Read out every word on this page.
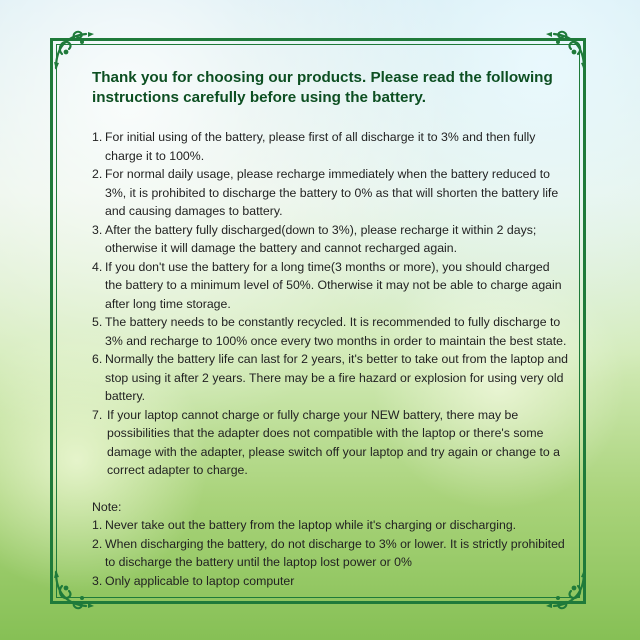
Thank you for choosing our products. Please read the following instructions carefully before using the battery.
1. For initial using of the battery, please first of all discharge it to 3% and then fully charge it to 100%.
2. For normal daily usage, please recharge immediately when the battery reduced to 3%, it is prohibited to discharge the battery to 0% as that will shorten the battery life and causing damages to battery.
3. After the battery fully discharged(down to 3%), please recharge it within 2 days; otherwise it will damage the battery and cannot recharged again.
4. If you don't use the battery for a long time(3 months or more), you should charged the battery to a minimum level of 50%. Otherwise it may not be able to charge again after long time storage.
5. The battery needs to be constantly recycled. It is recommended to fully discharge to 3% and recharge to 100% once every two months in order to maintain the best state.
6. Normally the battery life can last for 2 years, it's better to take out from the laptop and stop using it after 2 years. There may be a fire hazard or explosion for using very old battery.
7. If your laptop cannot charge or fully charge your NEW battery, there may be possibilities that the adapter does not compatible with the laptop or there's some damage with the adapter, please switch off your laptop and try again or change to a correct adapter to charge.
Note:
1. Never take out the battery from the laptop while it's charging or discharging.
2. When discharging the battery, do not discharge to 3% or lower. It is strictly prohibited to discharge the battery until the laptop lost power or 0%
3. Only applicable to laptop computer
